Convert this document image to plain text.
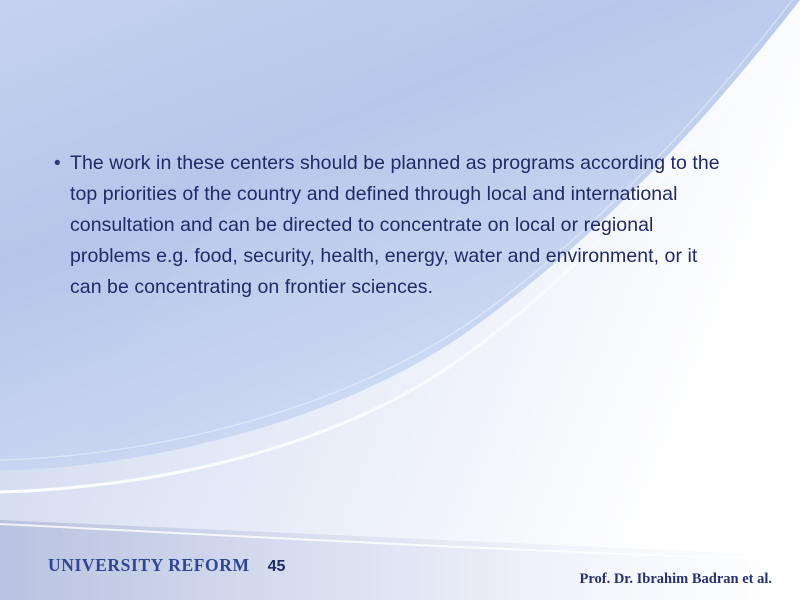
• The work in these centers should be planned as programs according to the top priorities of the country and defined through local and international consultation and can be directed to concentrate on local or regional problems e.g. food, security, health, energy, water and environment, or it can be concentrating on frontier sciences.
UNIVERSITY REFORM 45
Prof. Dr. Ibrahim Badran et al.
